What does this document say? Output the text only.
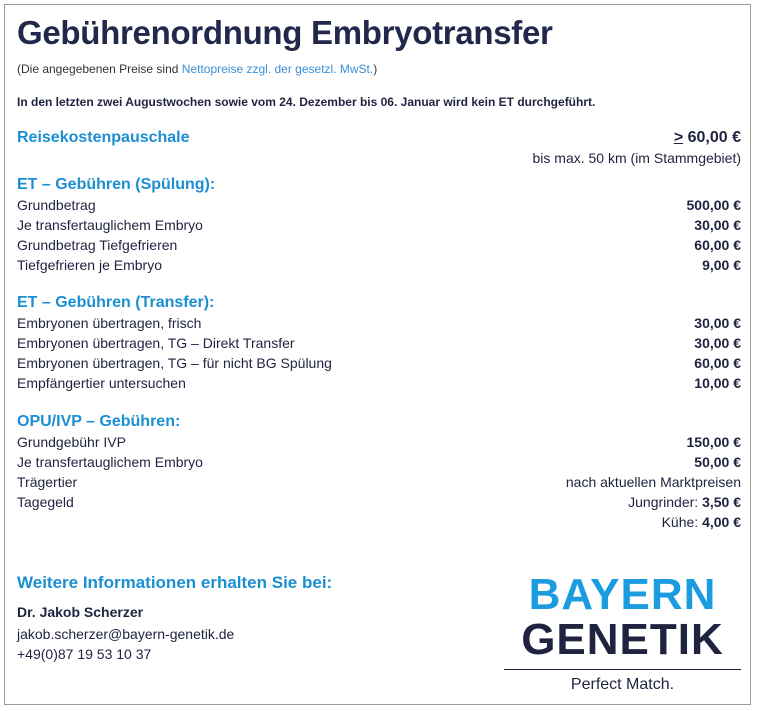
Gebührenordnung Embryotransfer
(Die angegebenen Preise sind Nettopreise zzgl. der gesetzl. MwSt.)
In den letzten zwei Augustwochen sowie vom 24. Dezember bis 06. Januar wird kein ET durchgeführt.
Reisekostenpauschale	≥ 60,00 €
bis max. 50 km (im Stammgebiet)
ET – Gebühren (Spülung):
Grundbetrag	500,00 €
Je transfertauglichem Embryo	30,00 €
Grundbetrag Tiefgefrieren	60,00 €
Tiefgefrieren je Embryo	9,00 €
ET – Gebühren (Transfer):
Embryonen übertragen, frisch	30,00 €
Embryonen übertragen, TG – Direkt Transfer	30,00 €
Embryonen übertragen, TG – für nicht BG Spülung	60,00 €
Empfängertier untersuchen	10,00 €
OPU/IVP – Gebühren:
Grundgebühr IVP	150,00 €
Je transfertauglichem Embryo	50,00 €
Trägertier	nach aktuellen Marktpreisen
Tagegeld	Jungrinder: 3,50 €
Kühe: 4,00 €
Weitere Informationen erhalten Sie bei:
Dr. Jakob Scherzer
jakob.scherzer@bayern-genetik.de
+49(0)87 19 53 10 37
BAYERN
GENETIK
Perfect Match.
